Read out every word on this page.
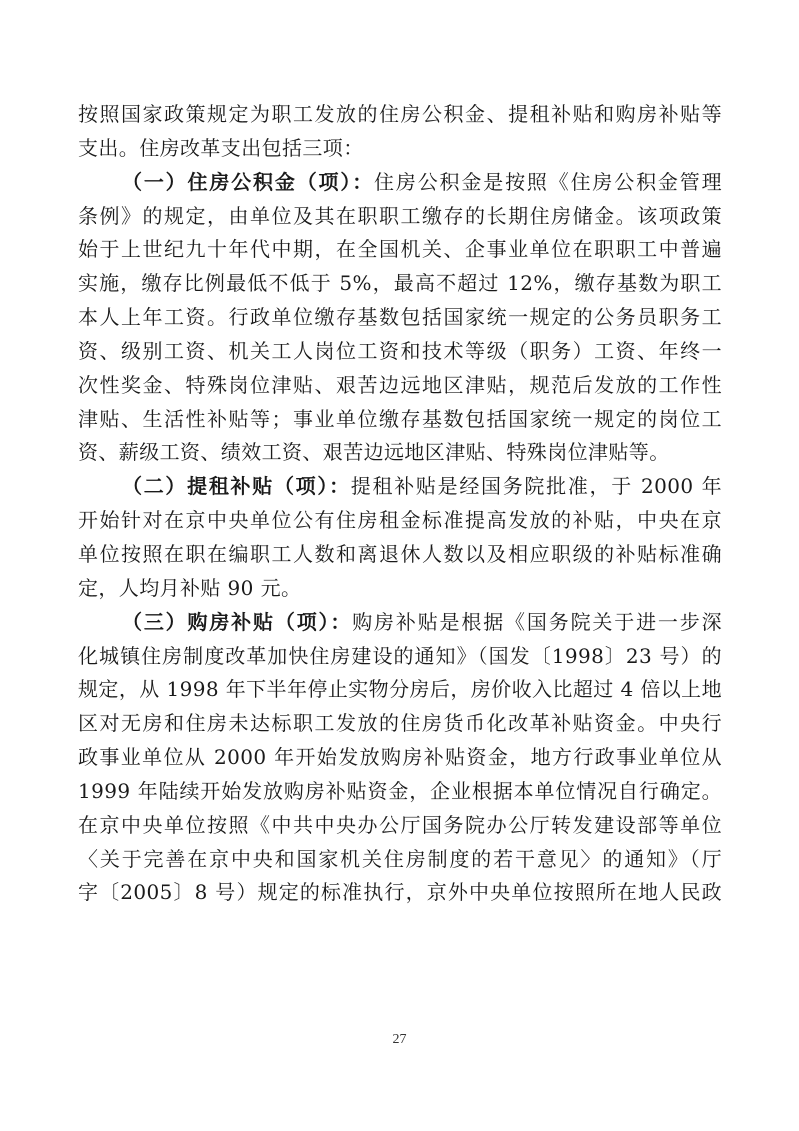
按照国家政策规定为职工发放的住房公积金、提租补贴和购房补贴等
支出。住房改革支出包括三项：
（一）住房公积金（项）：住房公积金是按照《住房公积金管理
条例》的规定，由单位及其在职职工缴存的长期住房储金。该项政策
始于上世纪九十年代中期，在全国机关、企事业单位在职职工中普遍
实施，缴存比例最低不低于 5%，最高不超过 12%，缴存基数为职工
本人上年工资。行政单位缴存基数包括国家统一规定的公务员职务工
资、级别工资、机关工人岗位工资和技术等级（职务）工资、年终一
次性奖金、特殊岗位津贴、艰苦边远地区津贴，规范后发放的工作性
津贴、生活性补贴等；事业单位缴存基数包括国家统一规定的岗位工
资、薪级工资、绩效工资、艰苦边远地区津贴、特殊岗位津贴等。
（二）提租补贴（项）：提租补贴是经国务院批准，于 2000 年
开始针对在京中央单位公有住房租金标准提高发放的补贴，中央在京
单位按照在职在编职工人数和离退休人数以及相应职级的补贴标准确
定，人均月补贴 90 元。
（三）购房补贴（项）：购房补贴是根据《国务院关于进一步深
化城镇住房制度改革加快住房建设的通知》（国发〔1998〕23 号）的
规定，从 1998 年下半年停止实物分房后，房价收入比超过 4 倍以上地
区对无房和住房未达标职工发放的住房货币化改革补贴资金。中央行
政事业单位从 2000 年开始发放购房补贴资金，地方行政事业单位从
1999 年陆续开始发放购房补贴资金，企业根据本单位情况自行确定。
在京中央单位按照《中共中央办公厅国务院办公厅转发建设部等单位
〈关于完善在京中央和国家机关住房制度的若干意见〉的通知》（厅
字〔2005〕8 号）规定的标准执行，京外中央单位按照所在地人民政
27
